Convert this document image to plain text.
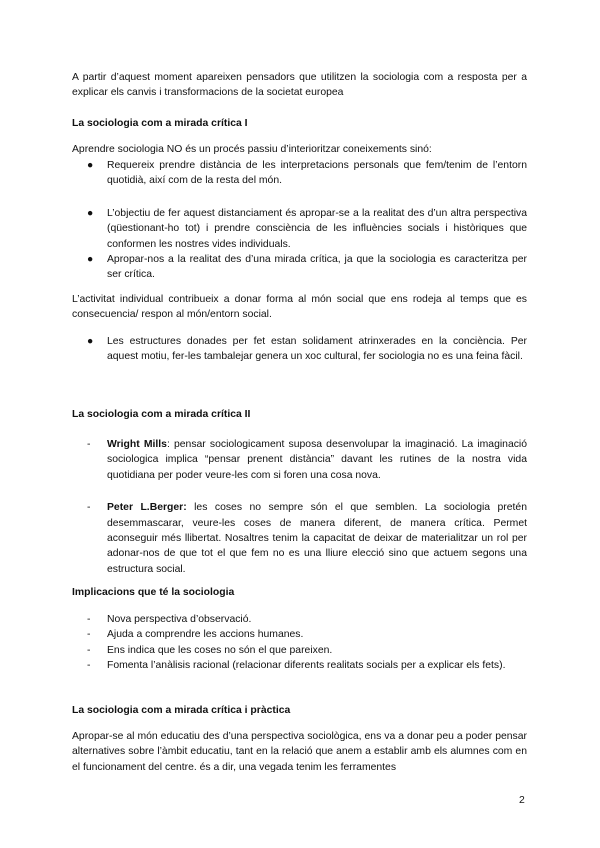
A partir d’aquest moment apareixen pensadors que utilitzen la sociologia com a resposta per a explicar els canvis i transformacions de la societat europea
La sociologia com a mirada crítica I
Aprendre sociologia NO és un procés passiu d’interioritzar coneixements sinó:
● Requereix prendre distància de les interpretacions personals que fem/tenim de l’entorn quotidià, així com de la resta del món.
● L’objectiu de fer aquest distanciament és apropar-se a la realitat des d’un altra perspectiva (qüestionant-ho tot) i prendre consciència de les influències socials i històriques que conformen les nostres vides individuals.
● Apropar-nos a la realitat des d’una mirada crítica, ja que la sociologia es caracteritza per ser crítica.
L’activitat individual contribueix a donar forma al món social que ens rodeja al temps que es consecuencia/ respon al món/entorn social.
● Les estructures donades per fet estan solidament atrinxerades en la conciència. Per aquest motiu, fer-les tambalejar genera un xoc cultural, fer sociologia no es una feina fàcil.
La sociologia com a mirada crítica II
- Wright Mills: pensar sociologicament suposa desenvolupar la imaginació. La imaginació sociologica implica “pensar prenent distància” davant les rutines de la nostra vida quotidiana per poder veure-les com si foren una cosa nova.
- Peter L.Berger: les coses no sempre són el que semblen. La sociologia pretén desemmascarar, veure-les coses de manera diferent, de manera crítica. Permet aconseguir més llibertat. Nosaltres tenim la capacitat de deixar de materialitzar un rol per adonar-nos de que tot el que fem no es una lliure elecció sino que actuem segons una estructura social.
Implicacions que té la sociologia
- Nova perspectiva d’observació.
- Ajuda a comprendre les accions humanes.
- Ens indica que les coses no són el que pareixen.
- Fomenta l’anàlisis racional (relacionar diferents realitats socials per a explicar els fets).
La sociologia com a mirada crítica i pràctica
Apropar-se al món educatiu des d’una perspectiva sociològica, ens va a donar peu a poder pensar alternatives sobre l’àmbit educatiu, tant en la relació que anem a establir amb els alumnes com en el funcionament del centre. és a dir, una vegada tenim les ferramentes
2
